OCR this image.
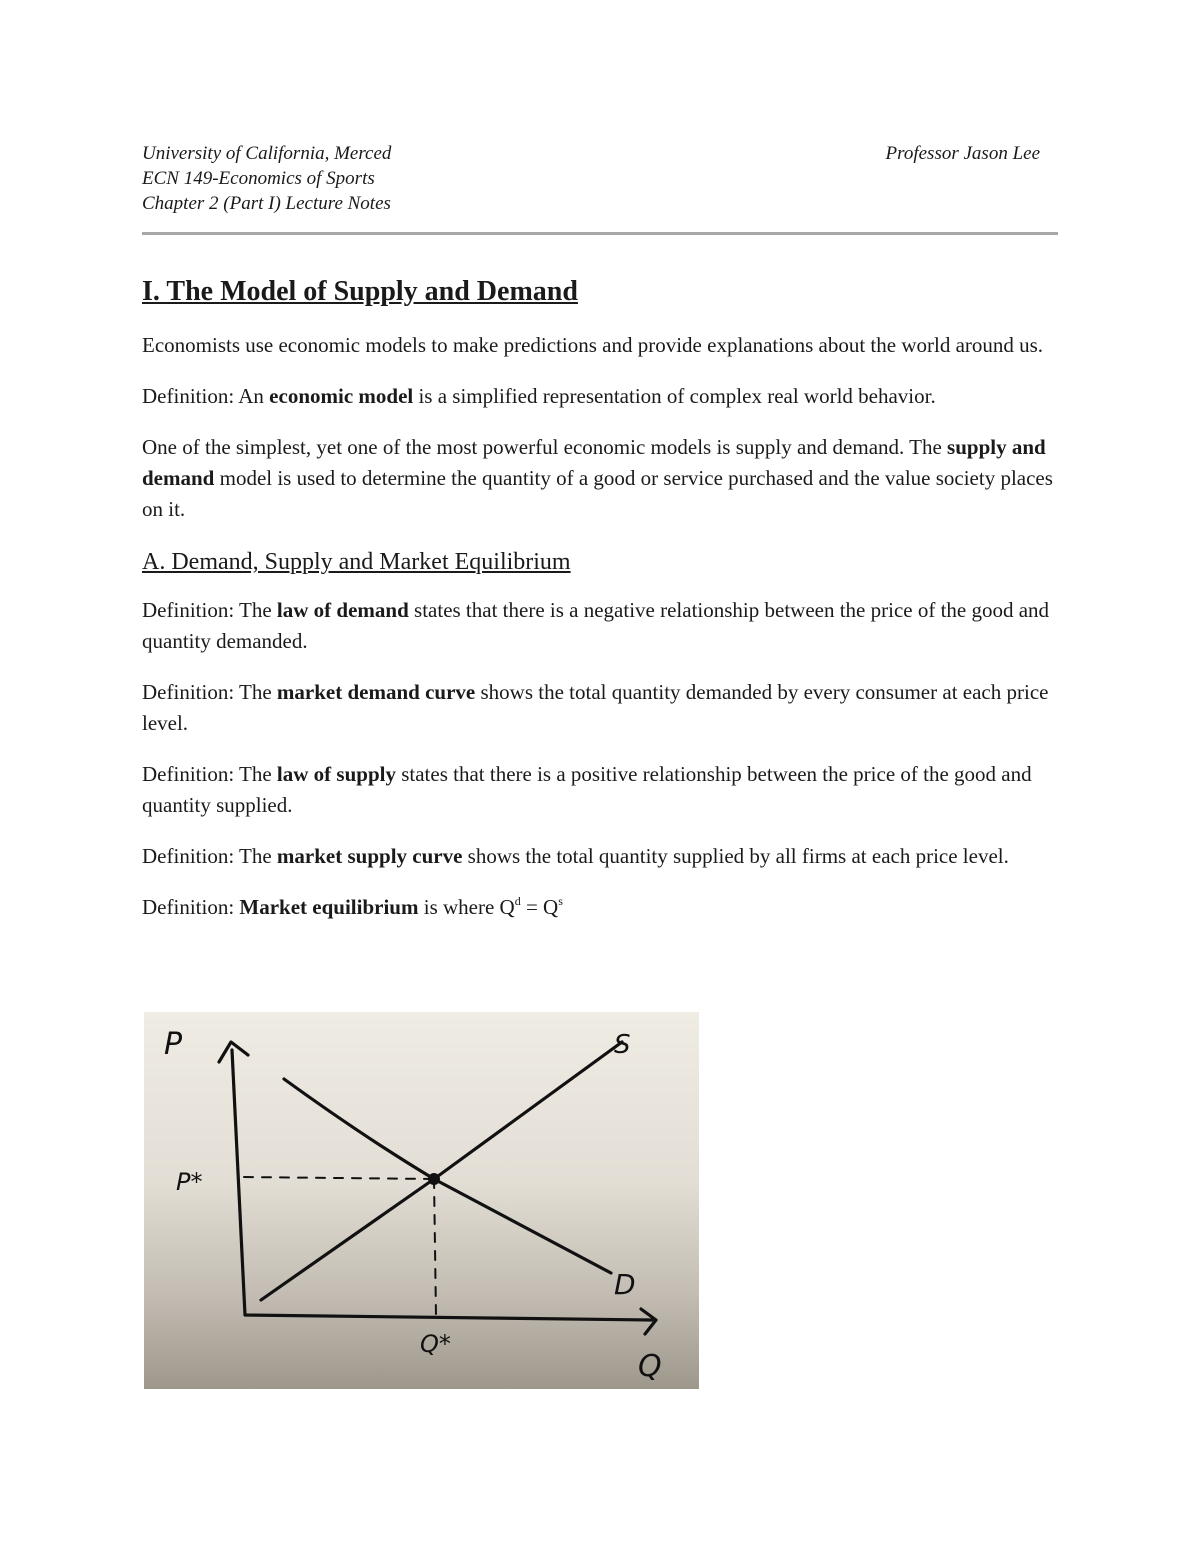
University of California, Merced
ECN 149-Economics of Sports
Chapter 2 (Part I) Lecture Notes
Professor Jason Lee
I. The Model of Supply and Demand

Economists use economic models to make predictions and provide explanations about the world around us.

Definition: An economic model is a simplified representation of complex real world behavior.

One of the simplest, yet one of the most powerful economic models is supply and demand. The supply and demand model is used to determine the quantity of a good or service purchased and the value society places on it.

A. Demand, Supply and Market Equilibrium

Definition: The law of demand states that there is a negative relationship between the price of the good and quantity demanded.

Definition: The market demand curve shows the total quantity demanded by every consumer at each price level.

Definition: The law of supply states that there is a positive relationship between the price of the good and quantity supplied.

Definition: The market supply curve shows the total quantity supplied by all firms at each price level.

Definition: Market equilibrium is where $Q^d = Q^s$

P
P*
S
D
Q*
Q
